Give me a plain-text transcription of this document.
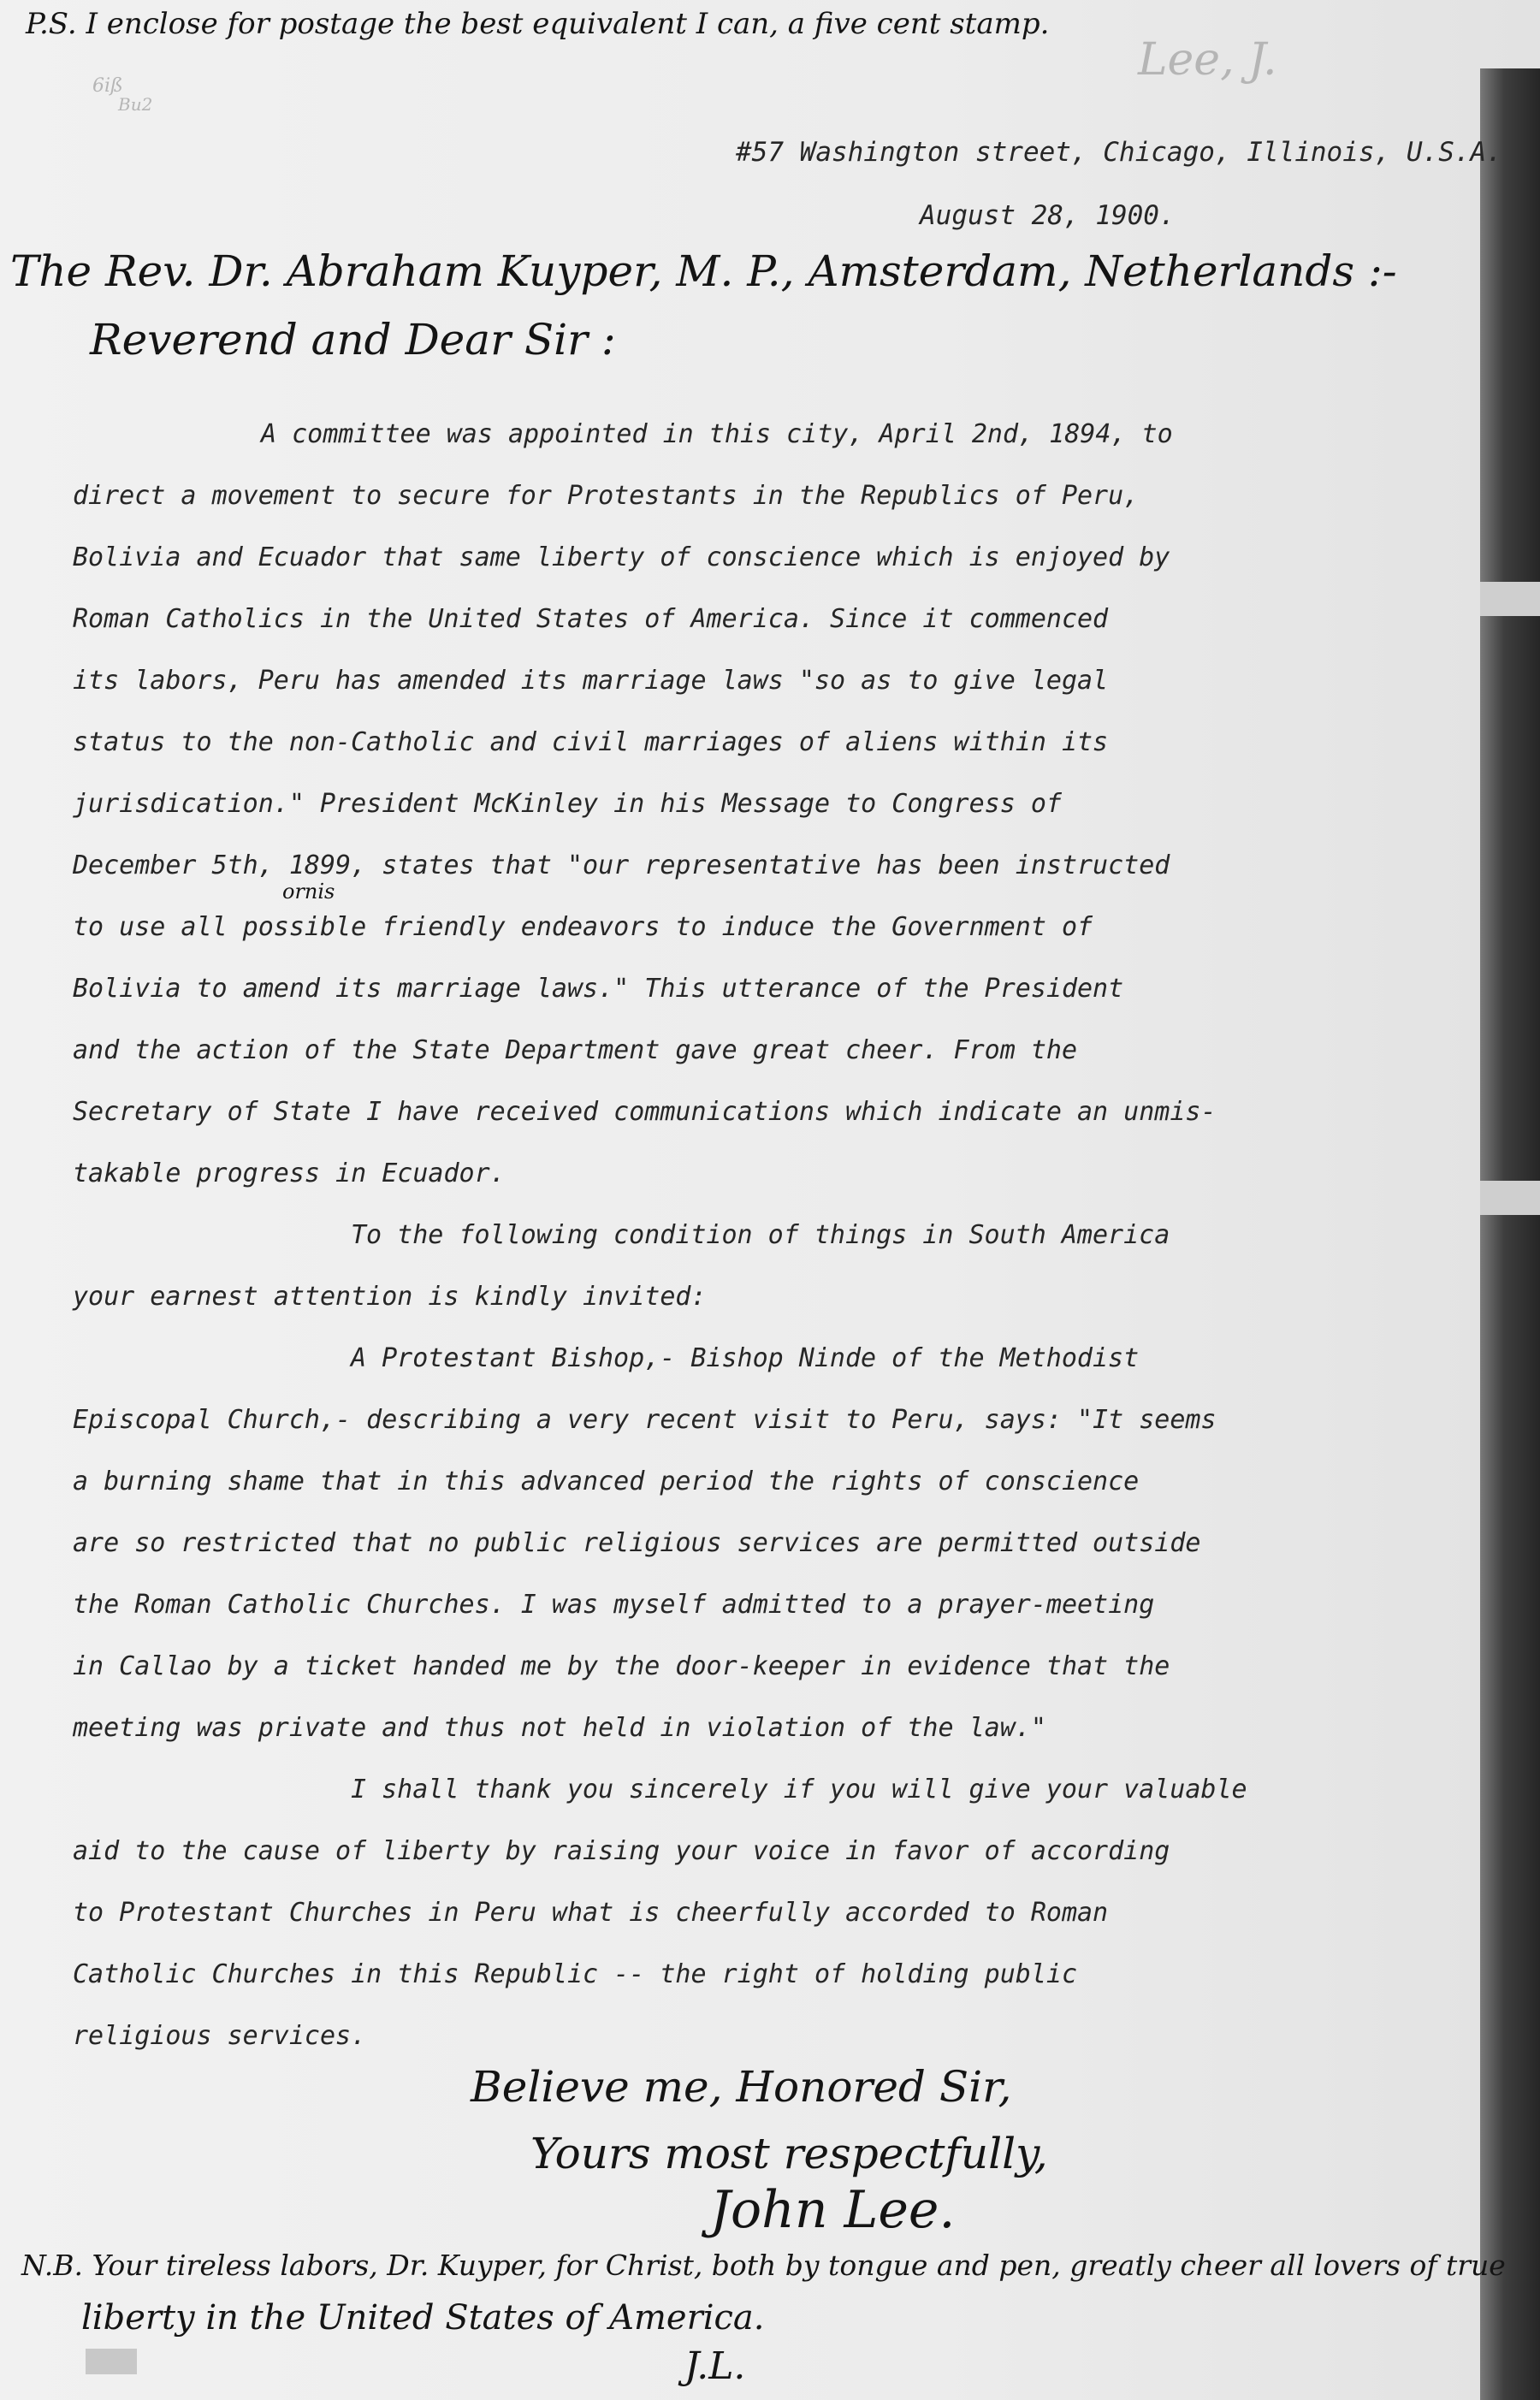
P.S. I enclose for postage the best equivalent I can, a five cent stamp.
Lee, J.
6iß
Bu2
#57 Washington street, Chicago, Illinois, U.S.A.
August 28, 1900.
The Rev. Dr. Abraham Kuyper, M. P., Amsterdam, Netherlands :-
Reverend and Dear Sir :
ornis
A committee was appointed in this city, April 2nd, 1894, to
direct a movement to secure for Protestants in the Republics of Peru,
Bolivia and Ecuador that same liberty of conscience which is enjoyed by
Roman Catholics in the United States of America. Since it commenced
its labors, Peru has amended its marriage laws "so as to give legal
status to the non-Catholic and civil marriages of aliens within its
jurisdication." President McKinley in his Message to Congress of
December 5th, 1899, states that "our representative has been instructed
to use all possible friendly endeavors to induce the Government of
Bolivia to amend its marriage laws." This utterance of the President
and the action of the State Department gave great cheer. From the
Secretary of State I have received communications which indicate an unmis-
takable progress in Ecuador.
To the following condition of things in South America
your earnest attention is kindly invited:
A Protestant Bishop,- Bishop Ninde of the Methodist
Episcopal Church,- describing a very recent visit to Peru, says: "It seems
a burning shame that in this advanced period the rights of conscience
are so restricted that no public religious services are permitted outside
the Roman Catholic Churches. I was myself admitted to a prayer-meeting
in Callao by a ticket handed me by the door-keeper in evidence that the
meeting was private and thus not held in violation of the law."
I shall thank you sincerely if you will give your valuable
aid to the cause of liberty by raising your voice in favor of according
to Protestant Churches in Peru what is cheerfully accorded to Roman
Catholic Churches in this Republic -- the right of holding public
religious services.
Believe me, Honored Sir,
Yours most respectfully,
John Lee.
N.B. Your tireless labors, Dr. Kuyper, for Christ, both by tongue and pen, greatly cheer all lovers of true
liberty in the United States of America.
J.L.
